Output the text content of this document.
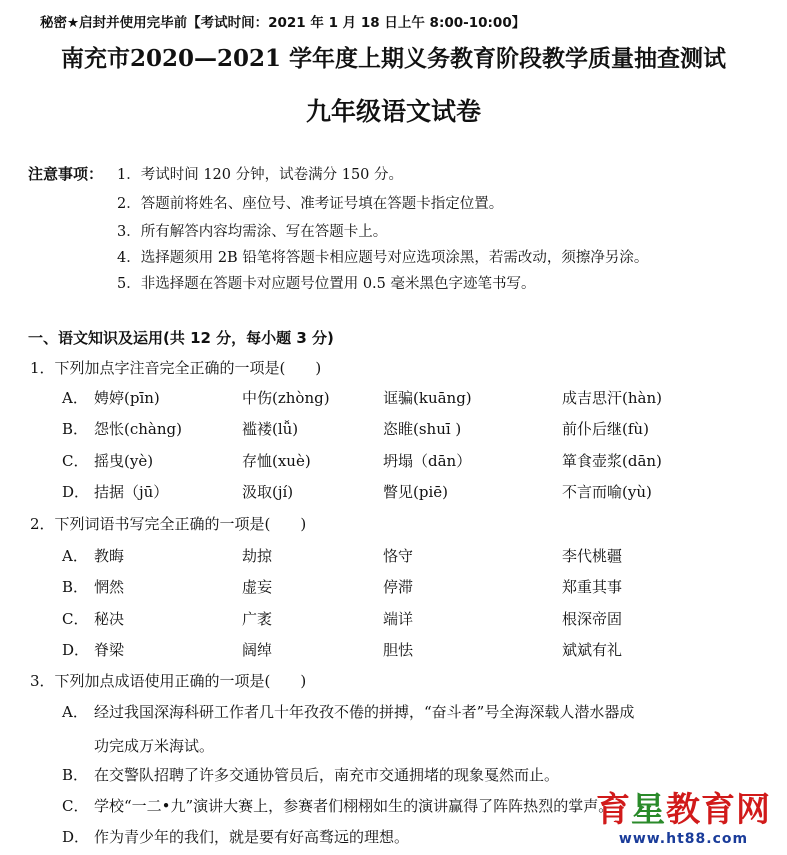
秘密★启封并使用完毕前【考试时间：2021 年 1 月 18 日上午 8:00-10:00】
南充市2020—2021 学年度上期义务教育阶段教学质量抽查测试
九年级语文试卷
注意事项： 1．考试时间 120 分钟，试卷满分 150 分。
2．答题前将姓名、座位号、准考证号填在答题卡指定位置。
3．所有解答内容均需涂、写在答题卡上。
4．选择题须用 2B 铅笔将答题卡相应题号对应选项涂黑，若需改动，须擦净另涂。
5．非选择题在答题卡对应题号位置用 0.5 毫米黑色字迹笔书写。
一、语文知识及运用(共 12 分，每小题 3 分)
1．下列加点字注音完全正确的一项是(　　)
A． 娉婷(pīn)	中伤(zhòng)	诓骗(kuāng)	成吉思汗(hàn)
B． 怨怅(chàng)	褴褛(lǚ)	恣睢(shuī )	前仆后继(fù)
C． 摇曳(yè)	存恤(xuè)	坍塌（dān）	箪食壶浆(dān)
D． 拮据（jū）	汲取(jí)	瞥见(piē)	不言而喻(yù)
2．下列词语书写完全正确的一项是(　　)
A． 教晦	劫掠	恪守	李代桃疆
B． 惘然	虚妄	停滞	郑重其事
C． 秘决	广袤	端详	根深帝固
D． 脊梁	阔绰	胆怯	斌斌有礼
3．下列加点成语使用正确的一项是(　　)
A． 经过我国深海科研工作者几十年孜孜不倦的拼搏，“奋斗者”号全海深载人潜水器成
功完成万米海试。
B． 在交警队招聘了许多交通协管员后，南充市交通拥堵的现象戛然而止。
C． 学校“一二•九”演讲大赛上，参赛者们栩栩如生的演讲赢得了阵阵热烈的掌声。
D． 作为青少年的我们，就是要有好高骛远的理想。
育星教育网
www.ht88.com
